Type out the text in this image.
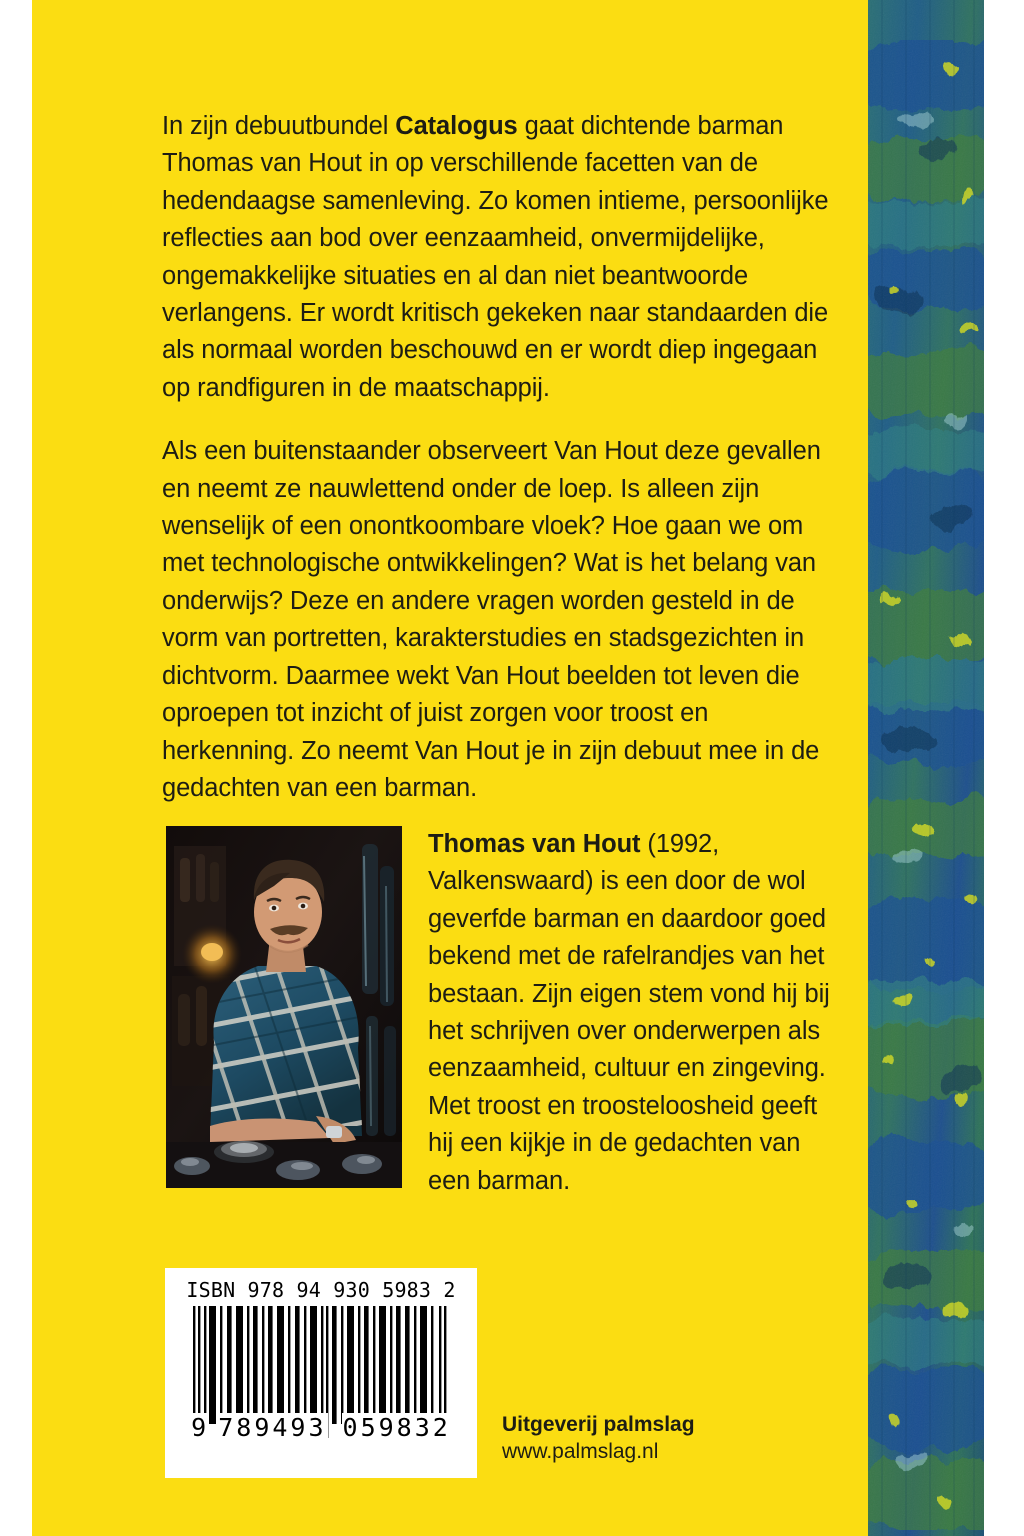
In zijn debuutbundel Catalogus gaat dichtende barman Thomas van Hout in op verschillende facetten van de hedendaagse samenleving. Zo komen intieme, persoonlijke reflecties aan bod over eenzaamheid, onvermijdelijke, ongemakkelijke situaties en al dan niet beantwoorde verlangens. Er wordt kritisch gekeken naar standaarden die als normaal worden beschouwd en er wordt diep ingegaan op randfiguren in de maatschappij.

Als een buitenstaander observeert Van Hout deze gevallen en neemt ze nauwlettend onder de loep. Is alleen zijn wenselijk of een onontkoombare vloek? Hoe gaan we om met technologische ontwikkelingen? Wat is het belang van onderwijs? Deze en andere vragen worden gesteld in de vorm van portretten, karakterstudies en stadsgezichten in dichtvorm. Daarmee wekt Van Hout beelden tot leven die oproepen tot inzicht of juist zorgen voor troost en herkenning. Zo neemt Van Hout je in zijn debuut mee in de gedachten van een barman.

Thomas van Hout (1992, Valkenswaard) is een door de wol geverfde barman en daardoor goed bekend met de rafelrandjes van het bestaan. Zijn eigen stem vond hij bij het schrijven over onderwerpen als eenzaamheid, cultuur en zingeving. Met troost en troosteloosheid geeft hij een kijkje in de gedachten van een barman.
ISBN 978 94 930 5983 2
9 789493 059832 Uitgeverij palmslag
www.palmslag.nl
